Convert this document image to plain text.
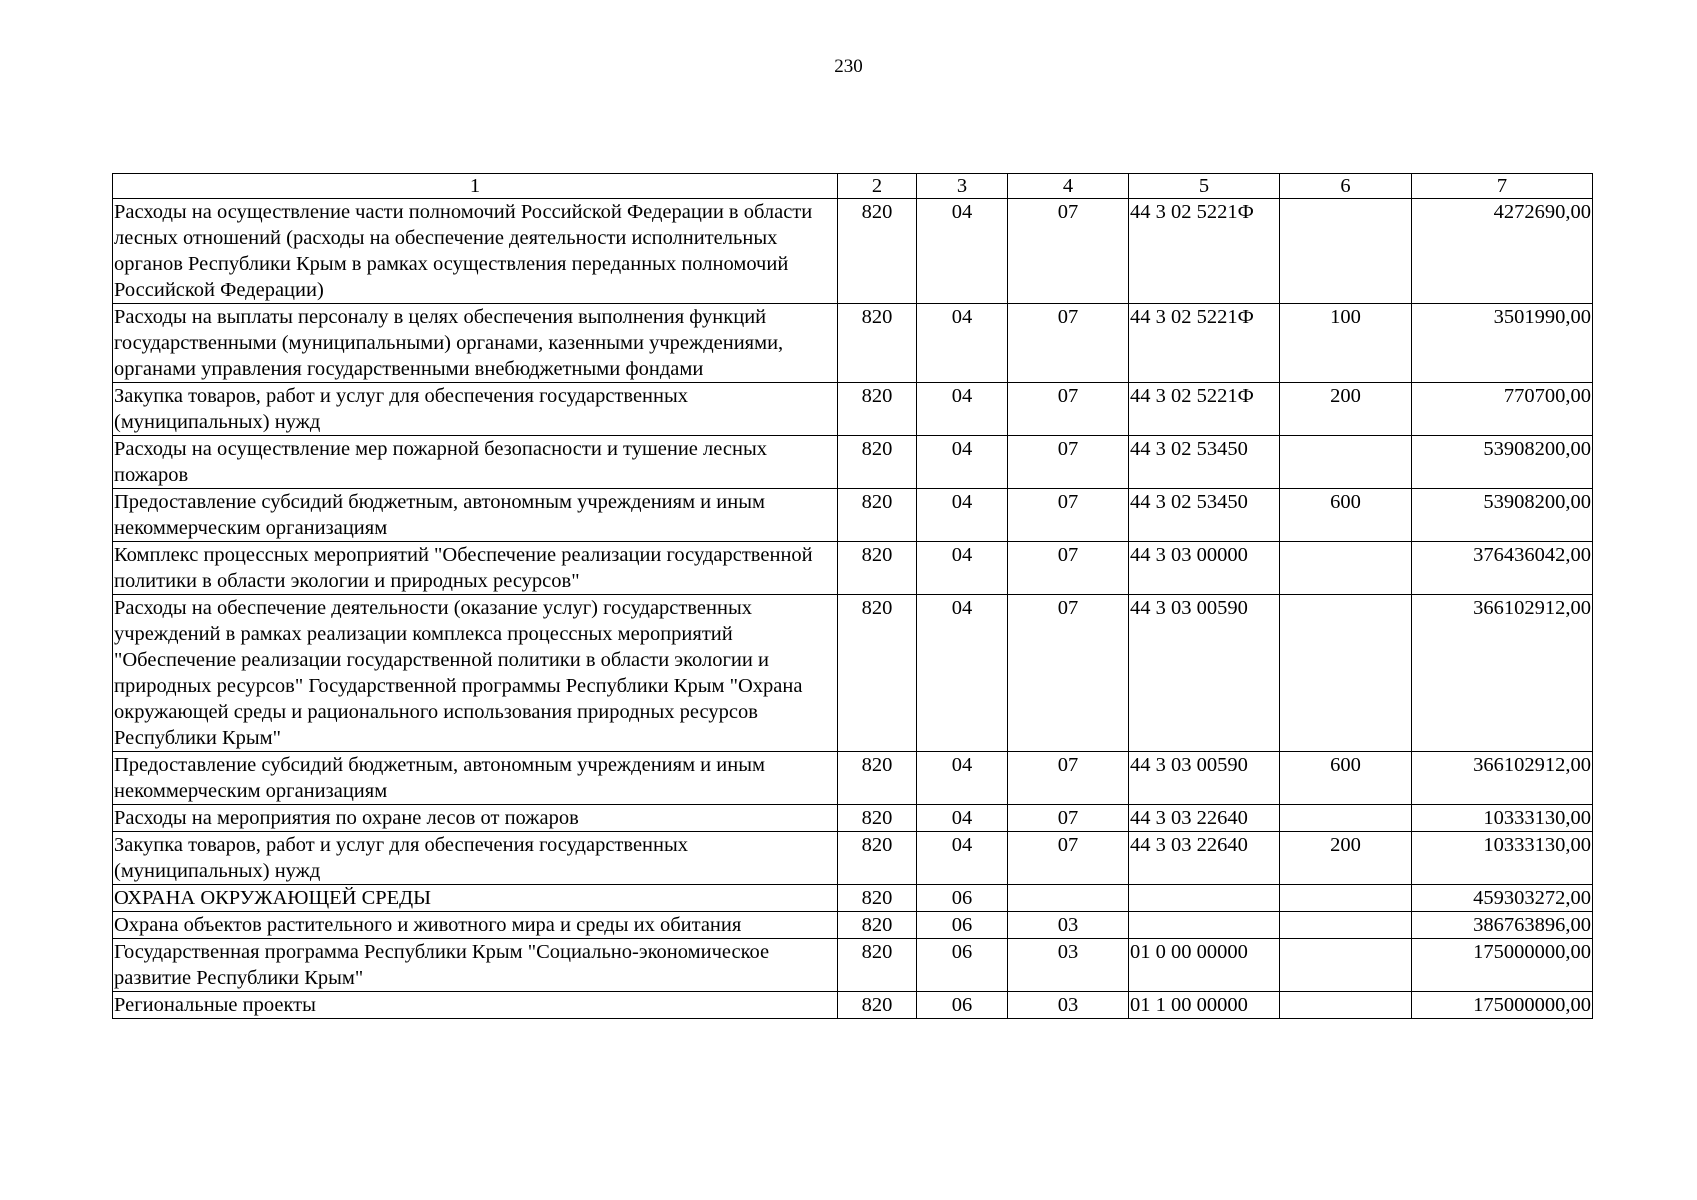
230
1	2	3	4	5	6	7
Расходы на осуществление части полномочий Российской Федерации в области лесных отношений (расходы на обеспечение деятельности исполнительных органов Республики Крым в рамках осуществления переданных полномочий Российской Федерации)	820	04	07	44 3 02 5221Ф		4272690,00
Расходы на выплаты персоналу в целях обеспечения выполнения функций государственными (муниципальными) органами, казенными учреждениями, органами управления государственными внебюджетными фондами	820	04	07	44 3 02 5221Ф	100	3501990,00
Закупка товаров, работ и услуг для обеспечения государственных (муниципальных) нужд	820	04	07	44 3 02 5221Ф	200	770700,00
Расходы на осуществление мер пожарной безопасности и тушение лесных пожаров	820	04	07	44 3 02 53450		53908200,00
Предоставление субсидий бюджетным, автономным учреждениям и иным некоммерческим организациям	820	04	07	44 3 02 53450	600	53908200,00
Комплекс процессных мероприятий "Обеспечение реализации государственной политики в области экологии и природных ресурсов"	820	04	07	44 3 03 00000		376436042,00
Расходы на обеспечение деятельности (оказание услуг) государственных учреждений в рамках реализации комплекса процессных мероприятий "Обеспечение реализации государственной политики в области экологии и природных ресурсов" Государственной программы Республики Крым "Охрана окружающей среды и рационального использования природных ресурсов Республики Крым"	820	04	07	44 3 03 00590		366102912,00
Предоставление субсидий бюджетным, автономным учреждениям и иным некоммерческим организациям	820	04	07	44 3 03 00590	600	366102912,00
Расходы на мероприятия по охране лесов от пожаров	820	04	07	44 3 03 22640		10333130,00
Закупка товаров, работ и услуг для обеспечения государственных (муниципальных) нужд	820	04	07	44 3 03 22640	200	10333130,00
ОХРАНА ОКРУЖАЮЩЕЙ СРЕДЫ	820	06				459303272,00
Охрана объектов растительного и животного мира и среды их обитания	820	06	03			386763896,00
Государственная программа Республики Крым "Социально-экономическое развитие Республики Крым"	820	06	03	01 0 00 00000		175000000,00
Региональные проекты	820	06	03	01 1 00 00000		175000000,00
